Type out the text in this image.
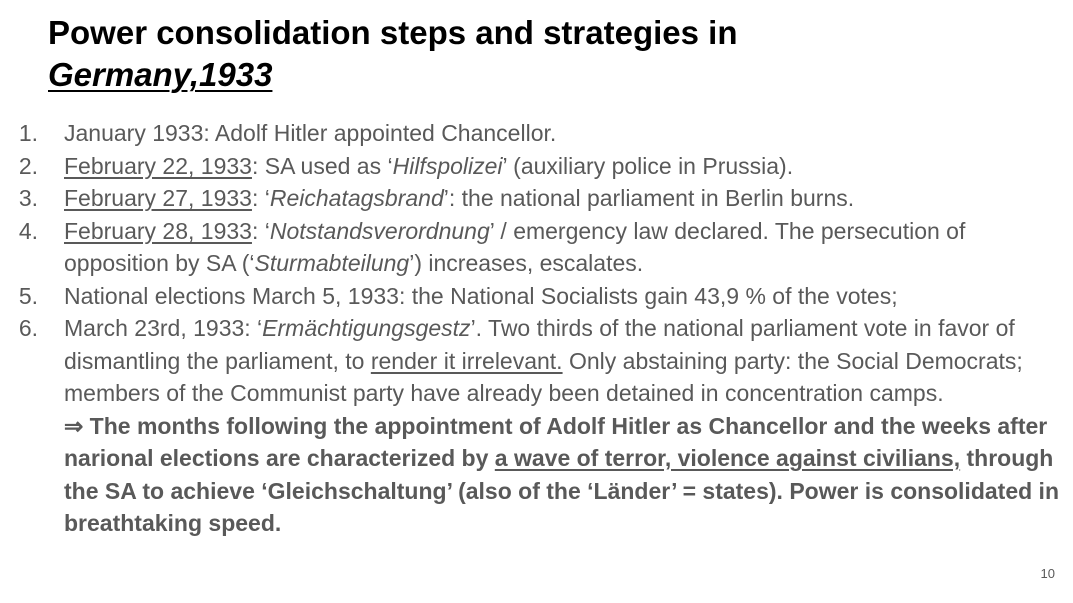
Power consolidation steps and strategies in
Germany,1933
1. January 1933: Adolf Hitler appointed Chancellor.
2. February 22, 1933: SA used as ‘Hilfspolizei’ (auxiliary police in Prussia).
3. February 27, 1933: ‘Reichatagsbrand’: the national parliament in Berlin burns.
4. February 28, 1933: ‘Notstandsverordnung’ / emergency law declared. The persecution of opposition by SA (‘Sturmabteilung’) increases, escalates.
5. National elections March 5, 1933: the National Socialists gain 43,9 % of the votes;
6. March 23rd, 1933: ‘Ermächtigungsgestz’. Two thirds of the national parliament vote in favor of dismantling the parliament, to render it irrelevant. Only abstaining party: the Social Democrats; members of the Communist party have already been detained in concentration camps.
⇒ The months following the appointment of Adolf Hitler as Chancellor and the weeks after narional elections are characterized by a wave of terror, violence against civilians, through the SA to achieve ‘Gleichschaltung’ (also of the ‘Länder’ = states). Power is consolidated in breathtaking speed.
10
